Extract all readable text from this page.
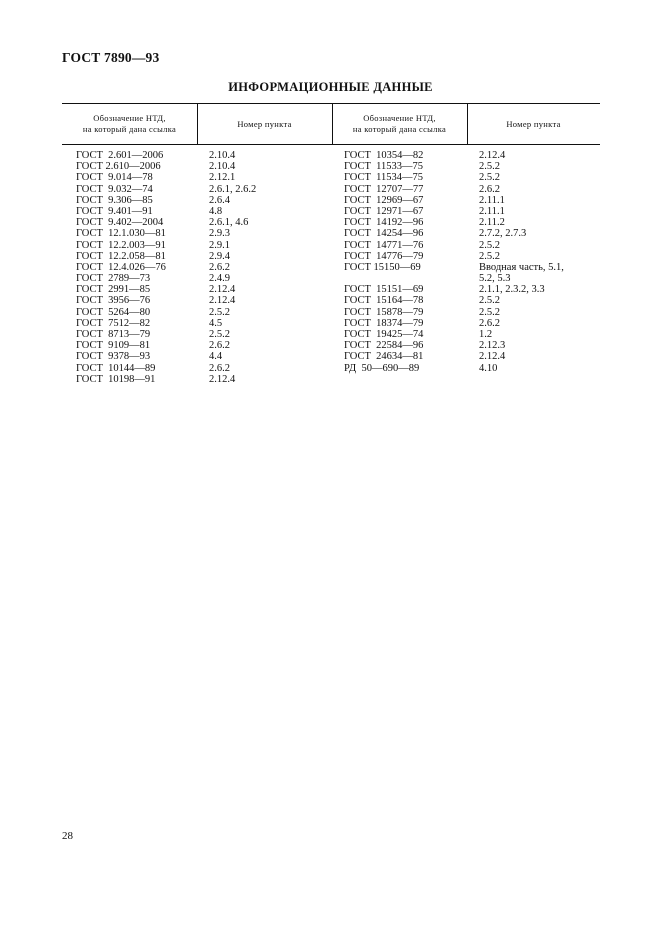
ГОСТ 7890—93
ИНФОРМАЦИОННЫЕ ДАННЫЕ
Обозначение НТД,
на который дана ссылка
Номер пункта
Обозначение НТД,
на который дана ссылка
Номер пункта
ГОСТ  2.601—2006
ГОСТ 2.610—2006
ГОСТ  9.014—78
ГОСТ  9.032—74
ГОСТ  9.306—85
ГОСТ  9.401—91
ГОСТ  9.402—2004
ГОСТ  12.1.030—81
ГОСТ  12.2.003—91
ГОСТ  12.2.058—81
ГОСТ  12.4.026—76
ГОСТ  2789—73
ГОСТ  2991—85
ГОСТ  3956—76
ГОСТ  5264—80
ГОСТ  7512—82
ГОСТ  8713—79
ГОСТ  9109—81
ГОСТ  9378—93
ГОСТ  10144—89
ГОСТ  10198—91
2.10.4
2.10.4
2.12.1
2.6.1, 2.6.2
2.6.4
4.8
2.6.1, 4.6
2.9.3
2.9.1
2.9.4
2.6.2
2.4.9
2.12.4
2.12.4
2.5.2
4.5
2.5.2
2.6.2
4.4
2.6.2
2.12.4
ГОСТ  10354—82
ГОСТ  11533—75
ГОСТ  11534—75
ГОСТ  12707—77
ГОСТ  12969—67
ГОСТ  12971—67
ГОСТ  14192—96
ГОСТ  14254—96
ГОСТ  14771—76
ГОСТ  14776—79
ГОСТ 15150—69
ГОСТ  15151—69
ГОСТ  15164—78
ГОСТ  15878—79
ГОСТ  18374—79
ГОСТ  19425—74
ГОСТ  22584—96
ГОСТ  24634—81
РД  50—690—89
2.12.4
2.5.2
2.5.2
2.6.2
2.11.1
2.11.1
2.11.2
2.7.2, 2.7.3
2.5.2
2.5.2
Вводная часть, 5.1,
5.2, 5.3
2.1.1, 2.3.2, 3.3
2.5.2
2.5.2
2.6.2
1.2
2.12.3
2.12.4
4.10
28
